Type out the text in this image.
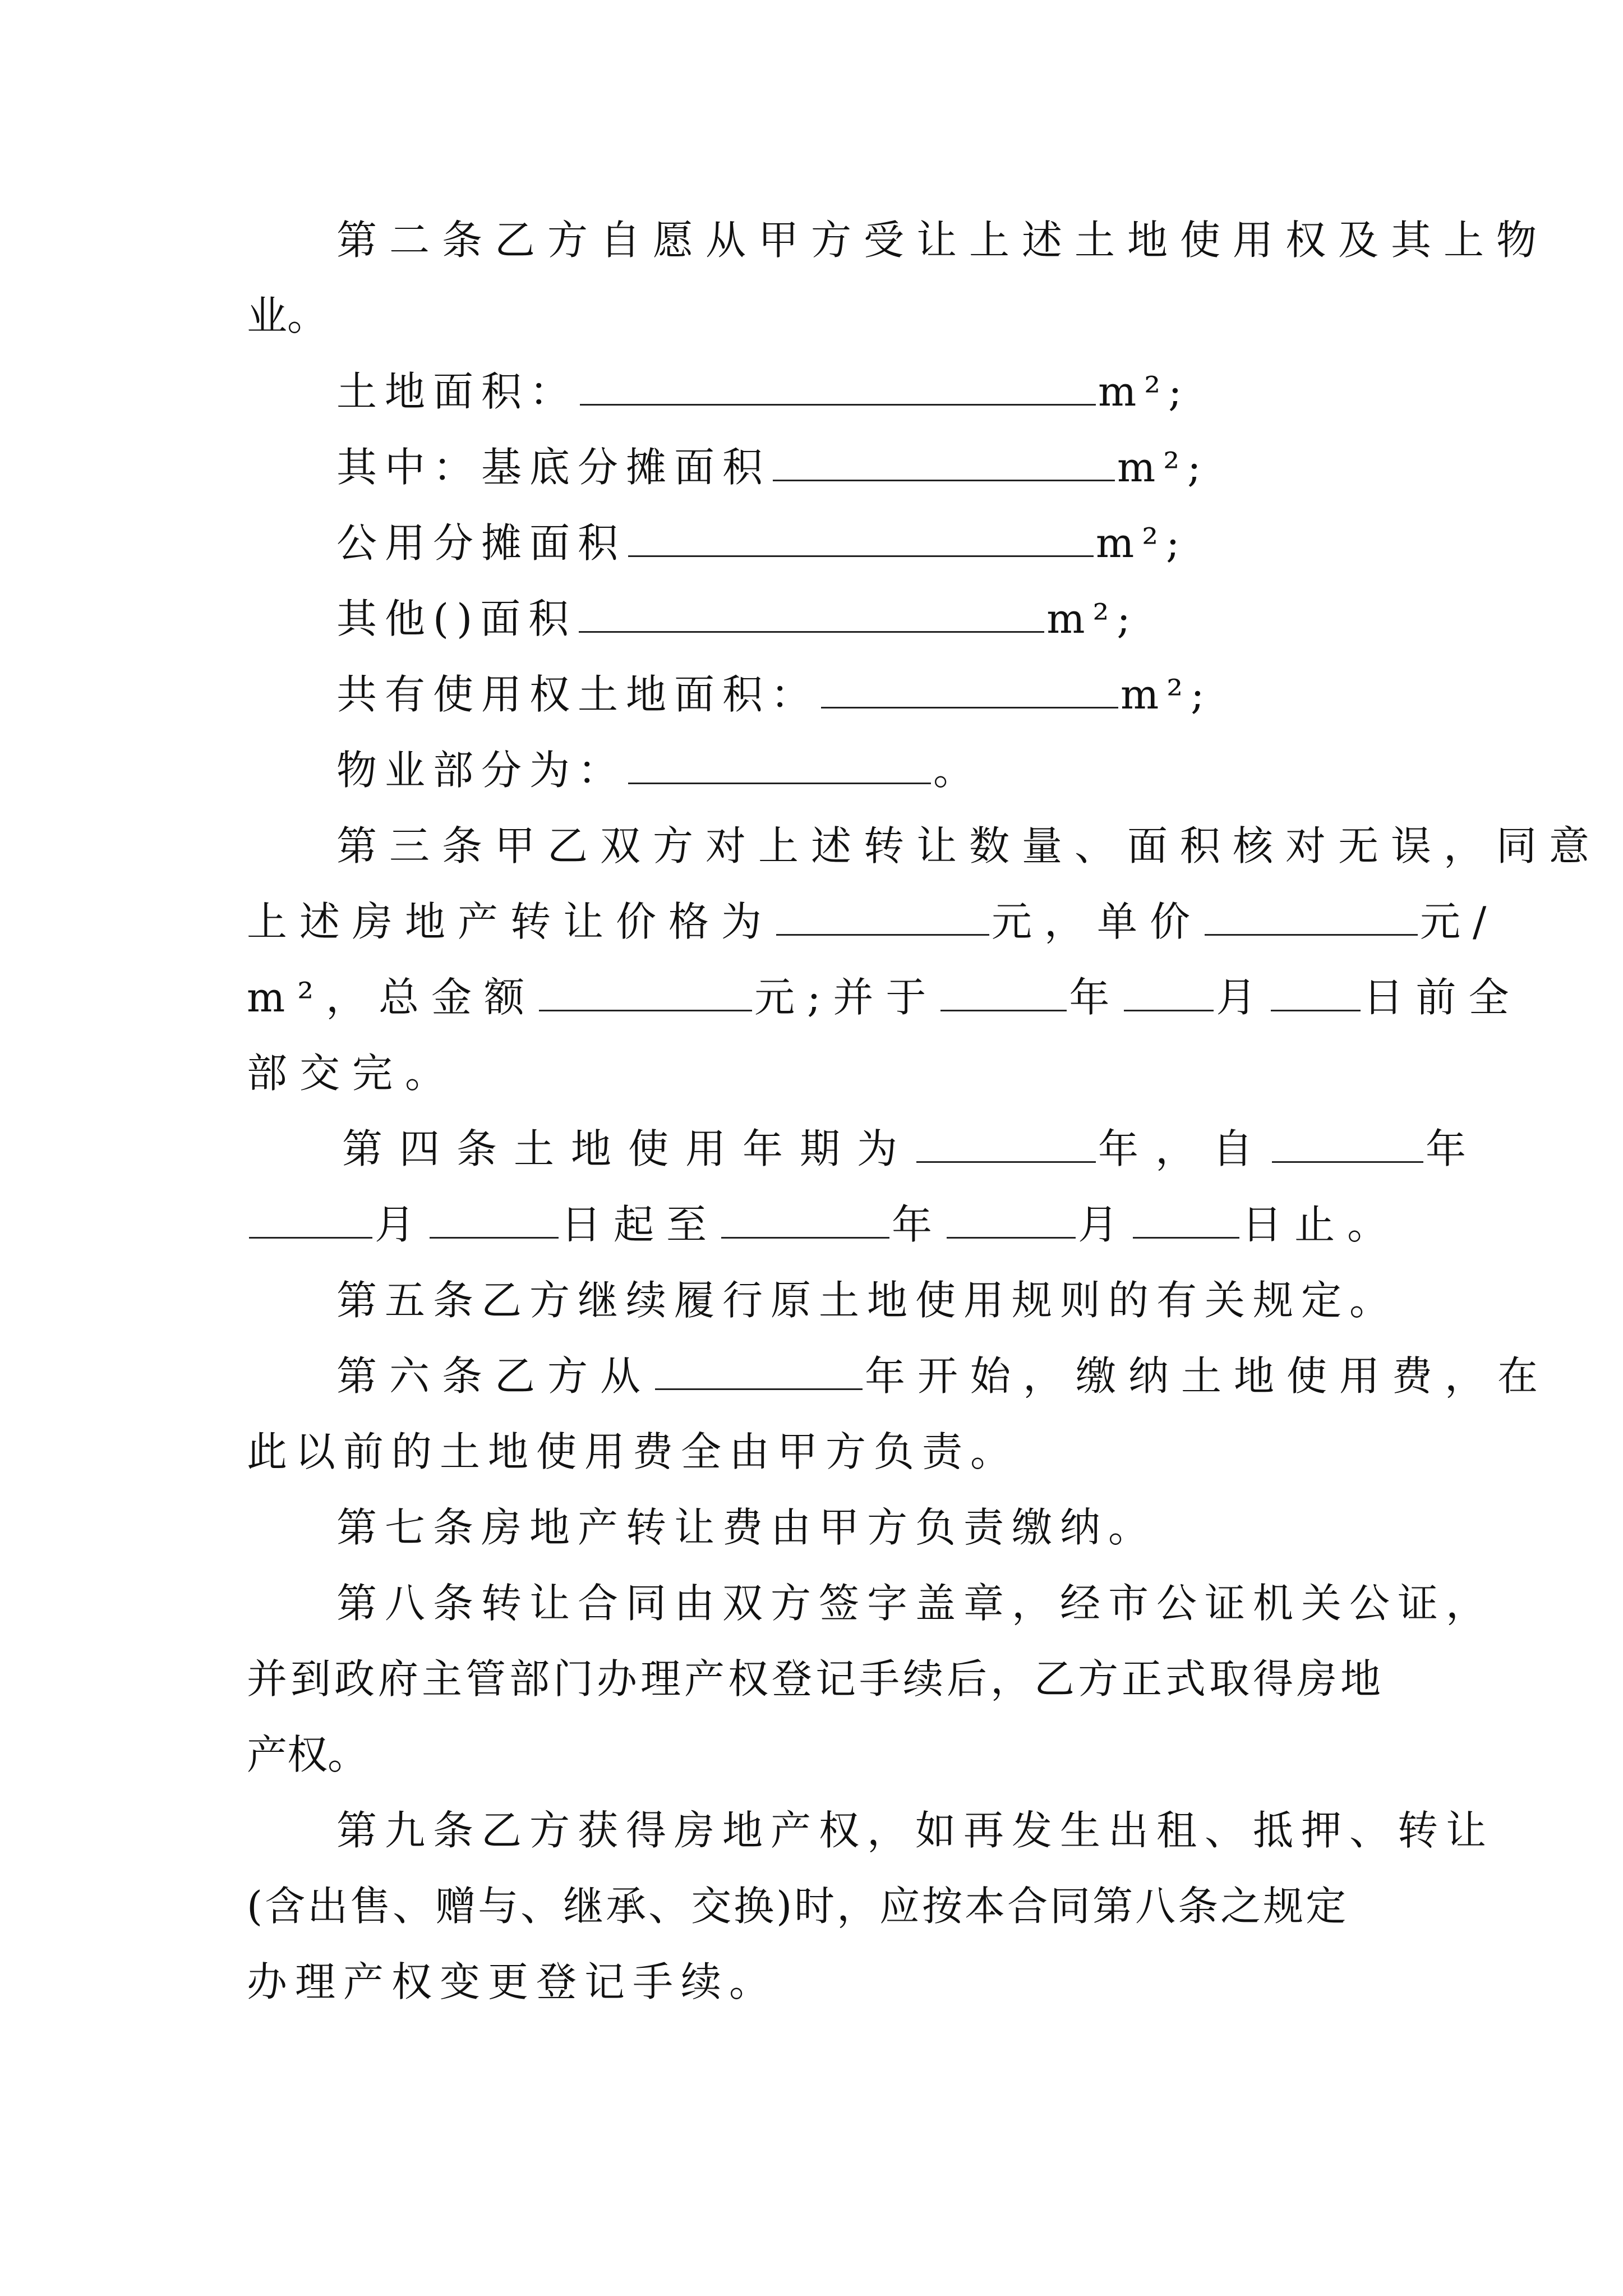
第二条乙方自愿从甲方受让上述土地使用权及其上物
业。
土地面积：	m²;
其中：基底分摊面积	m²;
公用分摊面积	m²;
其他()面积	m²;
共有使用权土地面积：	m²;
物业部分为：	。
第三条甲乙双方对上述转让数量、面积核对无误，同意
上述房地产转让价格为	元，单价	元/
m²，总金额	元;并于	年 月 日前全
部交完。
第四条土地使用年期为	年，自	年
月	日起至	年	月	日止。
第五条乙方继续履行原土地使用规则的有关规定。
第六条乙方从	年开始，缴纳土地使用费，在
此以前的土地使用费全由甲方负责。
第七条房地产转让费由甲方负责缴纳。
第八条转让合同由双方签字盖章，经市公证机关公证，
并到政府主管部门办理产权登记手续后，乙方正式取得房地
产权。
第九条乙方获得房地产权，如再发生出租、抵押、转让
(含出售、赠与、继承、交换)时，应按本合同第八条之规定
办理产权变更登记手续。
